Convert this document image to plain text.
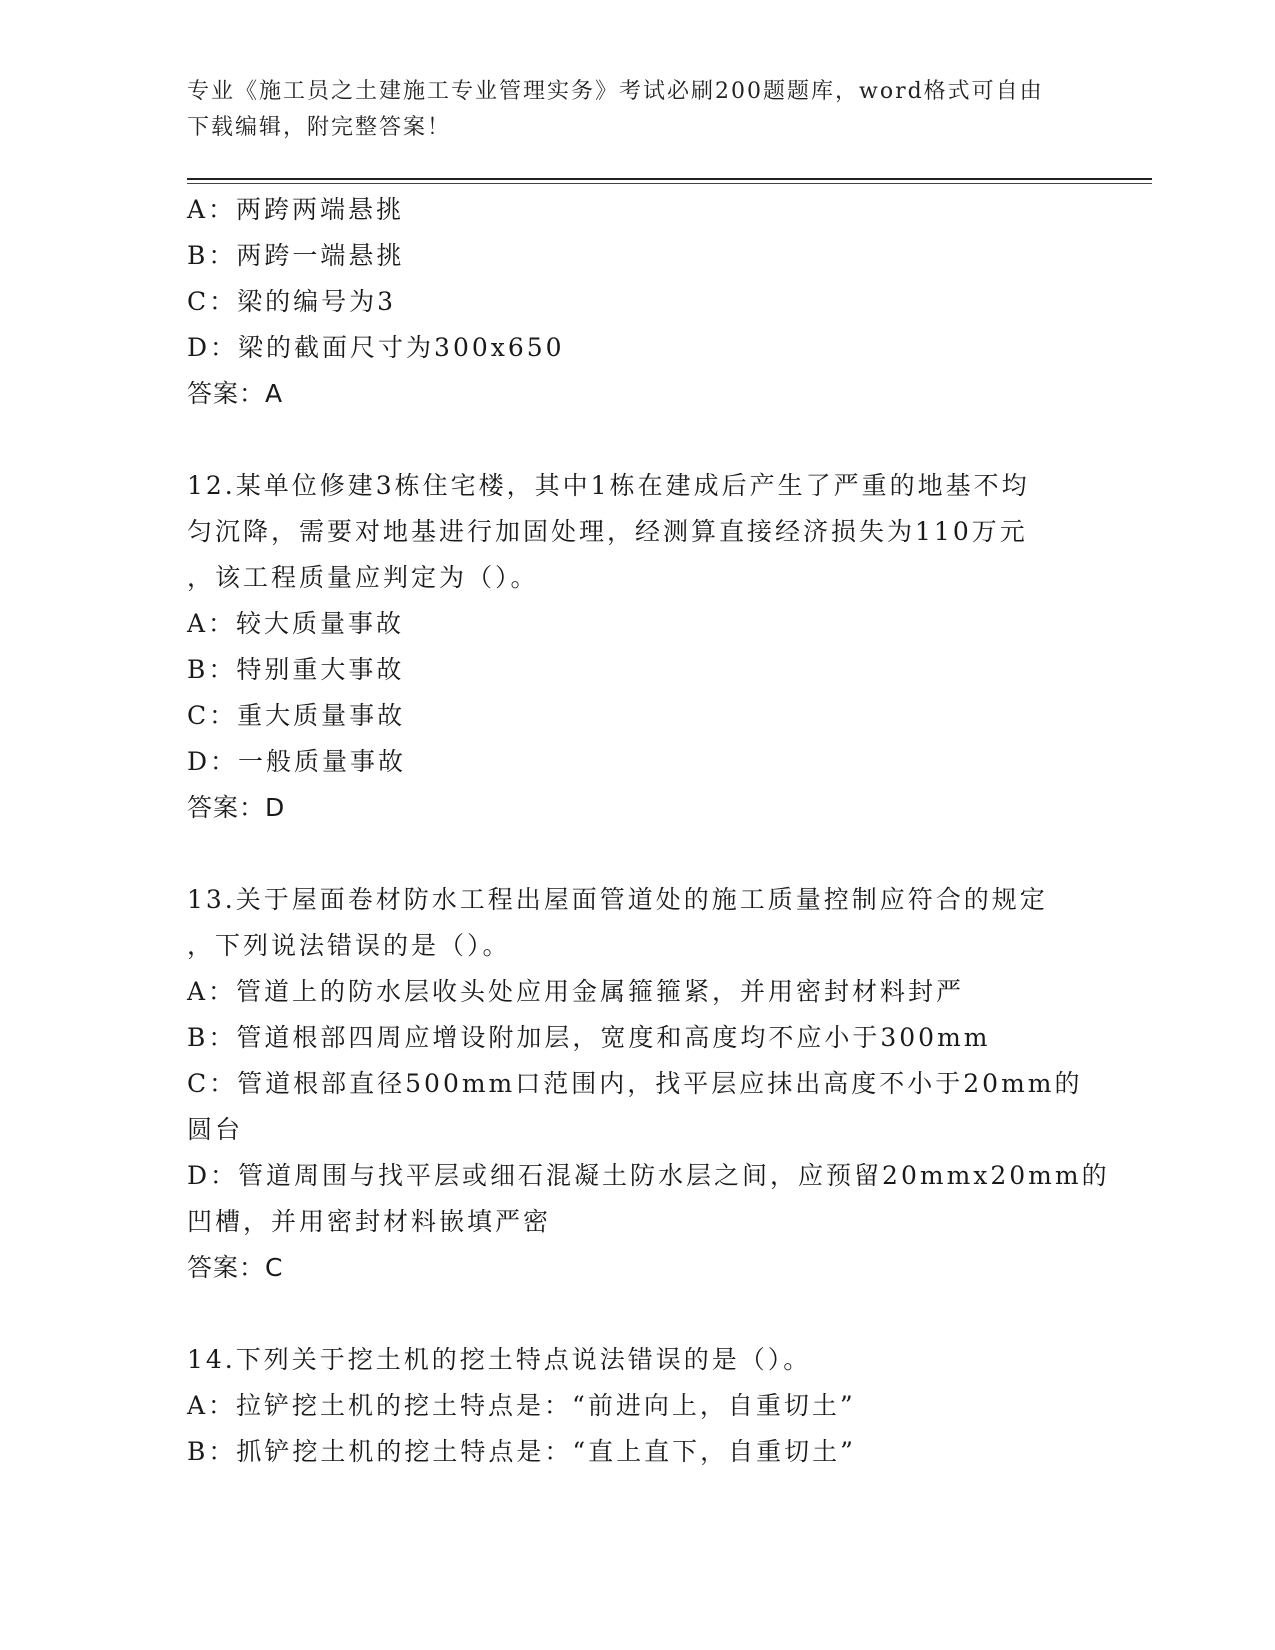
专业《施工员之土建施工专业管理实务》考试必刷200题题库，word格式可自由
下载编辑，附完整答案！
A：两跨两端悬挑
B：两跨一端悬挑
C：梁的编号为3
D：梁的截面尺寸为300x650
答案：A
12.某单位修建3栋住宅楼，其中1栋在建成后产生了严重的地基不均
匀沉降，需要对地基进行加固处理，经测算直接经济损失为110万元
，该工程质量应判定为（）。
A：较大质量事故
B：特别重大事故
C：重大质量事故
D：一般质量事故
答案：D
13.关于屋面卷材防水工程出屋面管道处的施工质量控制应符合的规定
，下列说法错误的是（）。
A：管道上的防水层收头处应用金属箍箍紧，并用密封材料封严
B：管道根部四周应增设附加层，宽度和高度均不应小于300mm
C：管道根部直径500mm口范围内，找平层应抹出高度不小于20mm的
圆台
D：管道周围与找平层或细石混凝土防水层之间，应预留20mmx20mm的
凹槽，并用密封材料嵌填严密
答案：C
14.下列关于挖土机的挖土特点说法错误的是（）。
A：拉铲挖土机的挖土特点是：“前进向上，自重切土”
B：抓铲挖土机的挖土特点是：“直上直下，自重切土”
